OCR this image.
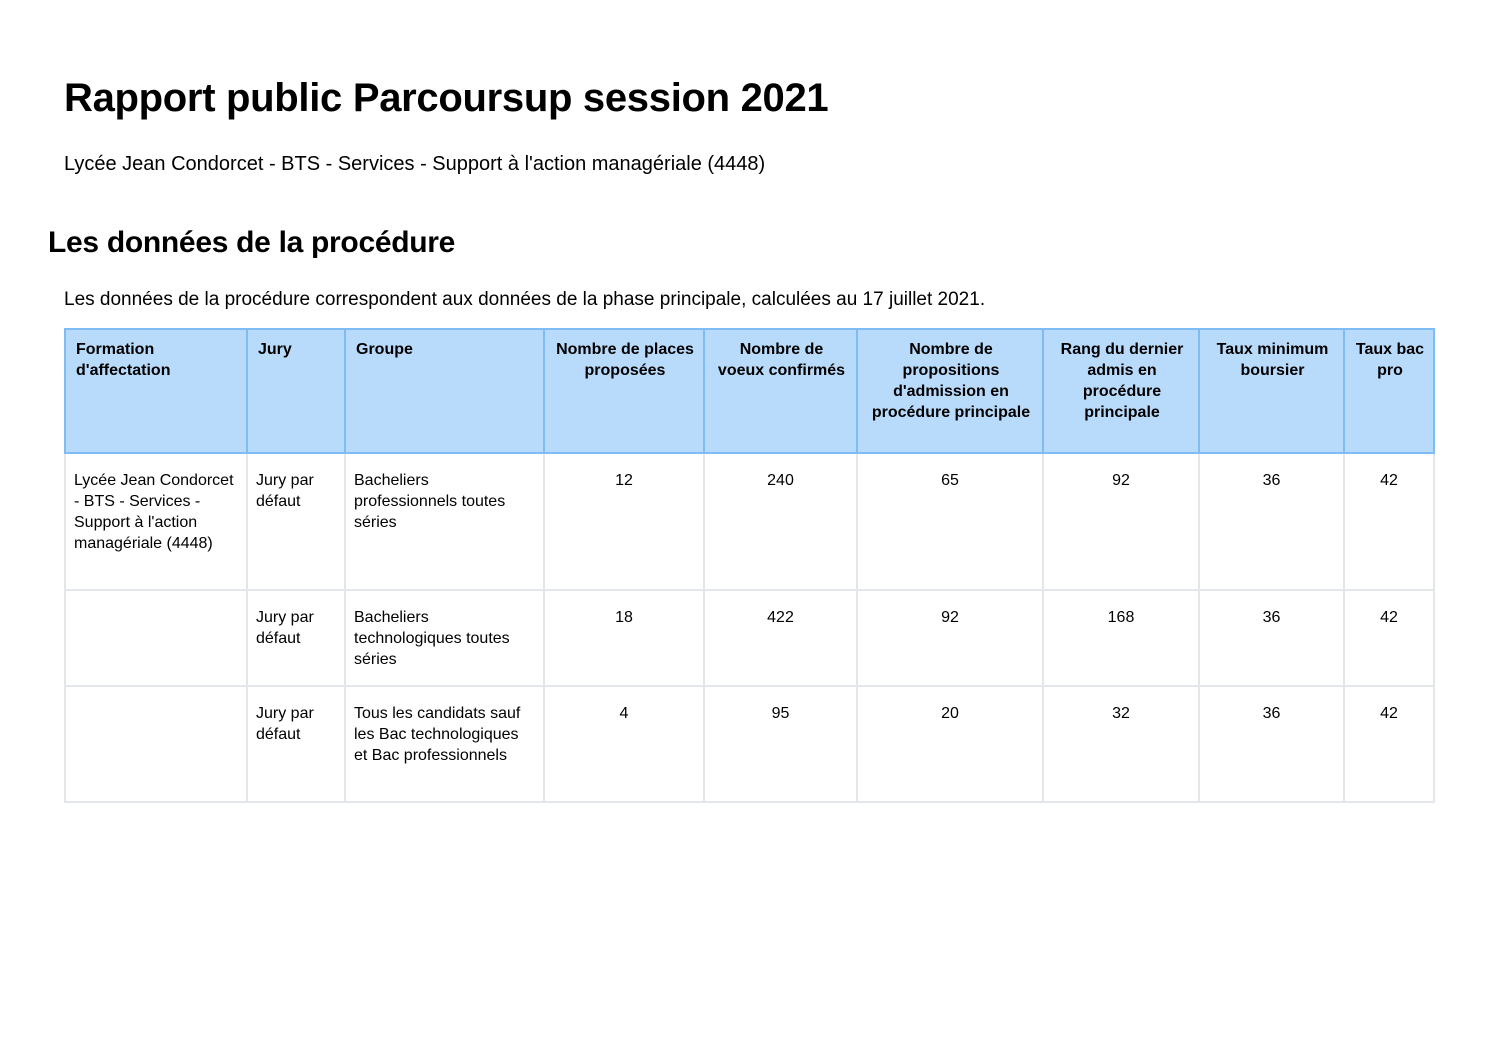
Rapport public Parcoursup session 2021

Lycée Jean Condorcet - BTS - Services - Support à l'action managériale (4448)

Les données de la procédure

Les données de la procédure correspondent aux données de la phase principale, calculées au 17 juillet 2021.

Formation d'affectation	Jury	Groupe	Nombre de places proposées	Nombre de voeux confirmés	Nombre de propositions d'admission en procédure principale	Rang du dernier admis en procédure principale	Taux minimum boursier	Taux bac pro
Lycée Jean Condorcet - BTS - Services - Support à l'action managériale (4448)	Jury par défaut	Bacheliers professionnels toutes séries	12	240	65	92	36	42
	Jury par défaut	Bacheliers technologiques toutes séries	18	422	92	168	36	42
	Jury par défaut	Tous les candidats sauf les Bac technologiques et Bac professionnels	4	95	20	32	36	42
